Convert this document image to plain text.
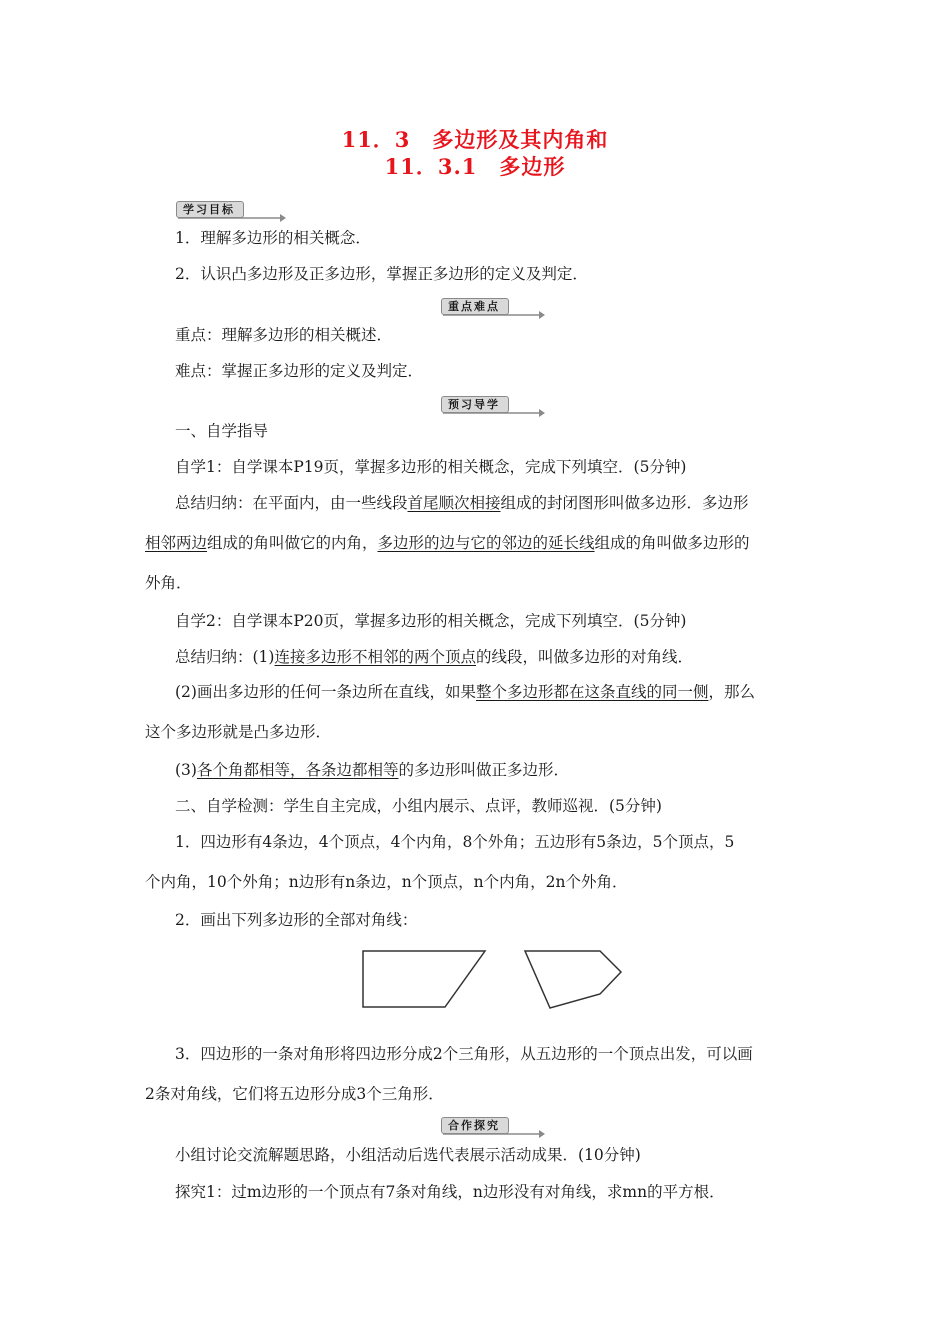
11．3　多边形及其内角和
11．3.1　多边形
学习目标
1．理解多边形的相关概念．
2．认识凸多边形及正多边形，掌握正多边形的定义及判定．
重点难点
重点：理解多边形的相关概述．
难点：掌握正多边形的定义及判定．
预习导学
一、自学指导
自学1：自学课本P19页，掌握多边形的相关概念，完成下列填空．(5分钟)
总结归纳：在平面内，由一些线段首尾顺次相接组成的封闭图形叫做多边形．多边形
相邻两边组成的角叫做它的内角，多边形的边与它的邻边的延长线组成的角叫做多边形的
外角．
自学2：自学课本P20页，掌握多边形的相关概念，完成下列填空．(5分钟)
总结归纳：(1)连接多边形不相邻的两个顶点的线段，叫做多边形的对角线．
(2)画出多边形的任何一条边所在直线，如果整个多边形都在这条直线的同一侧，那么
这个多边形就是凸多边形．
(3)各个角都相等，各条边都相等的多边形叫做正多边形．
二、自学检测：学生自主完成，小组内展示、点评，教师巡视．(5分钟)
1．四边形有4条边，4个顶点，4个内角，8个外角；五边形有5条边，5个顶点，5
个内角，10个外角；n边形有n条边，n个顶点，n个内角，2n个外角．
2．画出下列多边形的全部对角线：
3．四边形的一条对角形将四边形分成2个三角形，从五边形的一个顶点出发，可以画
2条对角线，它们将五边形分成3个三角形．
合作探究
小组讨论交流解题思路，小组活动后选代表展示活动成果．(10分钟)
探究1：过m边形的一个顶点有7条对角线，n边形没有对角线，求mn的平方根．
